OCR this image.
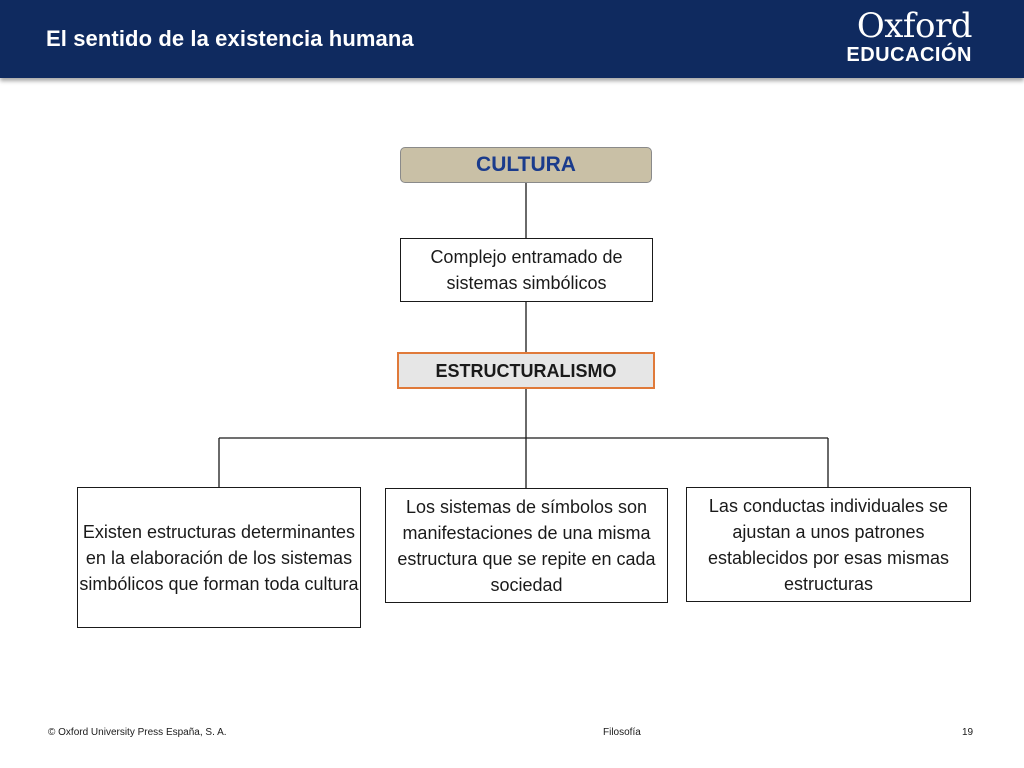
El sentido de la existencia humana	Oxford
EDUCACIÓN
CULTURA
Complejo entramado de sistemas simbólicos
ESTRUCTURALISMO
Existen estructuras determinantes en la elaboración de los sistemas simbólicos que forman toda cultura
Los sistemas de símbolos son manifestaciones de una misma estructura que se repite en cada sociedad
Las conductas individuales se ajustan a unos patrones establecidos por esas mismas estructuras
© Oxford University Press España, S. A.	Filosofía	19
